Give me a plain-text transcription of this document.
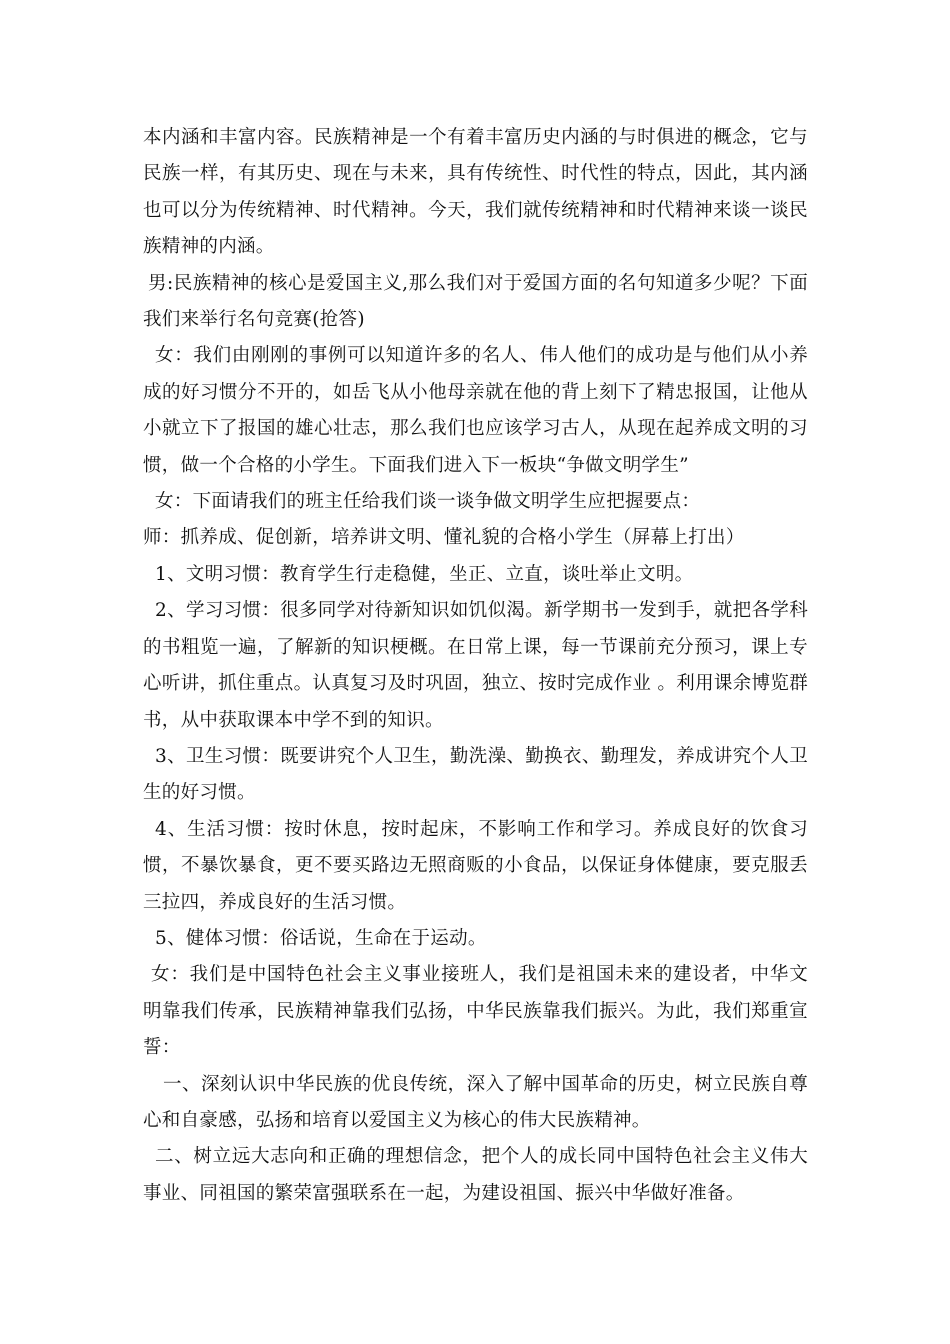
本内涵和丰富内容。民族精神是一个有着丰富历史内涵的与时俱进的概念，它与民族一样，有其历史、现在与未来，具有传统性、时代性的特点，因此，其内涵也可以分为传统精神、时代精神。今天，我们就传统精神和时代精神来谈一谈民族精神的内涵。

男:民族精神的核心是爱国主义,那么我们对于爱国方面的名句知道多少呢？下面我们来举行名句竞赛(抢答)

女：我们由刚刚的事例可以知道许多的名人、伟人他们的成功是与他们从小养成的好习惯分不开的，如岳飞从小他母亲就在他的背上刻下了精忠报国，让他从小就立下了报国的雄心壮志，那么我们也应该学习古人，从现在起养成文明的习惯，做一个合格的小学生。下面我们进入下一板块“争做文明学生”

女：下面请我们的班主任给我们谈一谈争做文明学生应把握要点：

师：抓养成、促创新，培养讲文明、懂礼貌的合格小学生（屏幕上打出）

1、文明习惯：教育学生行走稳健，坐正、立直，谈吐举止文明。

2、学习习惯：很多同学对待新知识如饥似渴。新学期书一发到手，就把各学科的书粗览一遍，了解新的知识梗概。在日常上课，每一节课前充分预习，课上专心听讲，抓住重点。认真复习及时巩固，独立、按时完成作业 。利用课余博览群书，从中获取课本中学不到的知识。

3、卫生习惯：既要讲究个人卫生，勤洗澡、勤换衣、勤理发，养成讲究个人卫生的好习惯。

4、生活习惯：按时休息，按时起床，不影响工作和学习。养成良好的饮食习惯，不暴饮暴食，更不要买路边无照商贩的小食品，以保证身体健康，要克服丢三拉四，养成良好的生活习惯。

5、健体习惯：俗话说，生命在于运动。

女：我们是中国特色社会主义事业接班人，我们是祖国未来的建设者，中华文明靠我们传承，民族精神靠我们弘扬，中华民族靠我们振兴。为此，我们郑重宣誓：

一、深刻认识中华民族的优良传统，深入了解中国革命的历史，树立民族自尊心和自豪感，弘扬和培育以爱国主义为核心的伟大民族精神。

二、树立远大志向和正确的理想信念，把个人的成长同中国特色社会主义伟大事业、同祖国的繁荣富强联系在一起，为建设祖国、振兴中华做好准备。
